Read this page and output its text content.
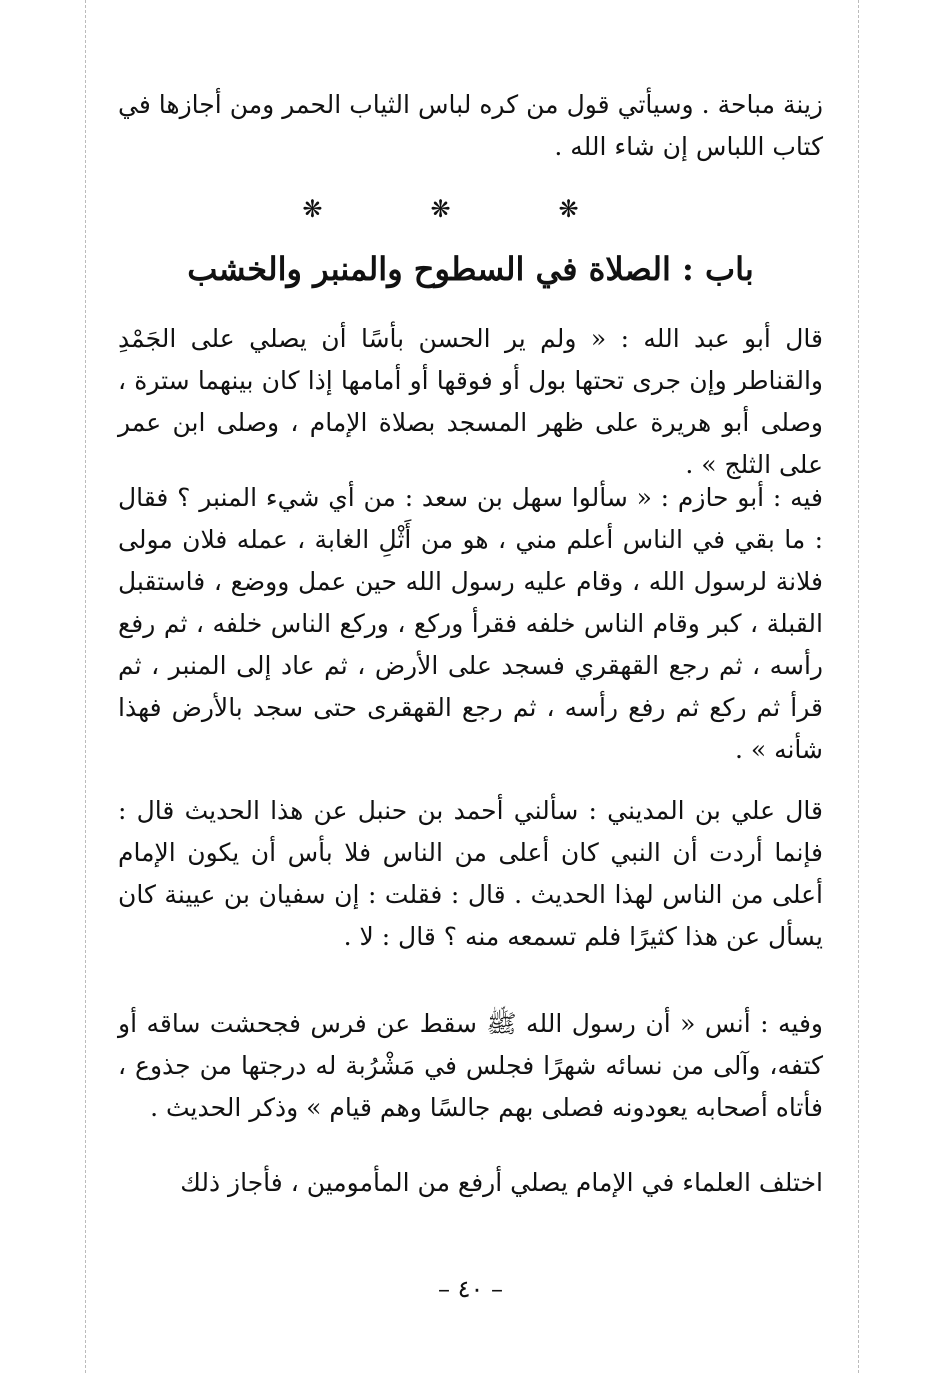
زينة مباحة . وسيأتي قول من كره لباس الثياب الحمر ومن أجازها في كتاب اللباس إن شاء الله .

❋ ❋ ❋
باب : الصلاة في السطوح والمنبر والخشب

قال أبو عبد الله : « ولم ير الحسن بأسًا أن يصلي على الجَمْدِ والقناطر وإن جرى تحتها بول أو فوقها أو أمامها إذا كان بينهما سترة ، وصلى أبو هريرة على ظهر المسجد بصلاة الإمام ، وصلى ابن عمر على الثلج » .

فيه : أبو حازم : « سألوا سهل بن سعد : من أي شيء المنبر ؟ فقال : ما بقي في الناس أعلم مني ، هو من أَثْلِ الغابة ، عمله فلان مولى فلانة لرسول الله ، وقام عليه رسول الله حين عمل ووضع ، فاستقبل القبلة ، كبر وقام الناس خلفه فقرأ وركع ، وركع الناس خلفه ، ثم رفع رأسه ، ثم رجع القهقري فسجد على الأرض ، ثم عاد إلى المنبر ، ثم قرأ ثم ركع ثم رفع رأسه ، ثم رجع القهقرى حتى سجد بالأرض فهذا شأنه » .

قال علي بن المديني : سألني أحمد بن حنبل عن هذا الحديث قال : فإنما أردت أن النبي كان أعلى من الناس فلا بأس أن يكون الإمام أعلى من الناس لهذا الحديث . قال : فقلت : إن سفيان بن عيينة كان يسأل عن هذا كثيرًا فلم تسمعه منه ؟ قال : لا .

وفيه : أنس « أن رسول الله ﷺ سقط عن فرس فجحشت ساقه أو كتفه، وآلى من نسائه شهرًا فجلس في مَشْرُبة له درجتها من جذوع ، فأتاه أصحابه يعودونه فصلى بهم جالسًا وهم قيام » وذكر الحديث .

اختلف العلماء في الإمام يصلي أرفع من المأمومين ، فأجاز ذلك

– ٤٠ –
